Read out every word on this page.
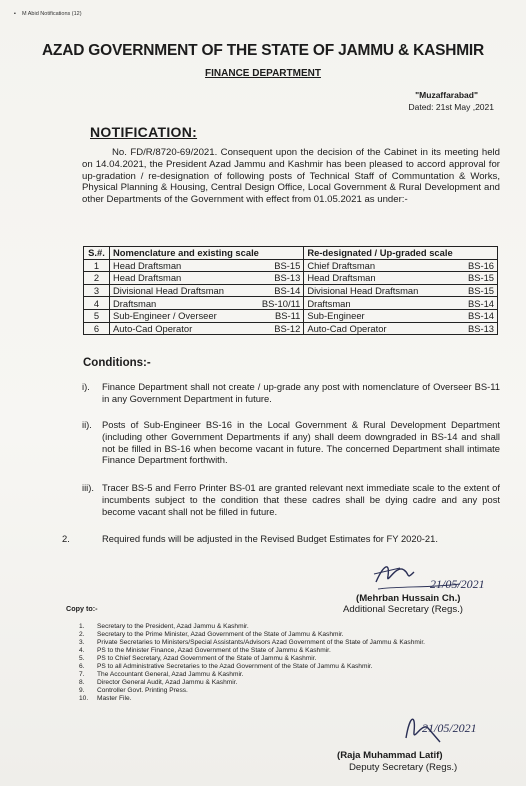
▪ M Abid Notifications (12)
AZAD GOVERNMENT OF THE STATE OF JAMMU & KASHMIR
FINANCE DEPARTMENT
"Muzaffarabad"
Dated: 21st May ,2021
NOTIFICATION:
No. FD/R/8720-69/2021. Consequent upon the decision of the Cabinet in its meeting held on 14.04.2021, the President Azad Jammu and Kashmir has been pleased to accord approval for up-gradation / re-designation of following posts of Technical Staff of Communtation & Works, Physical Planning & Housing, Central Design Office, Local Government & Rural Development and other Departments of the Government with effect from 01.05.2021 as under:-
S.#.	Nomenclature and existing scale	Re-designated / Up-graded scale
1	Head Draftsman BS-15	Chief Draftsman BS-16

2	Head Draftsman BS-13	Head Draftsman BS-15

3	Divisional Head Draftsman BS-14	Divisional Head Draftsman BS-15

4	Draftsman BS-10/11	Draftsman BS-14

5	Sub-Engineer / Overseer BS-11	Sub-Engineer BS-14

6	Auto-Cad Operator BS-12	Auto-Cad Operator BS-13
Conditions:-
i). Finance Department shall not create / up-grade any post with nomenclature of Overseer BS-11 in any Government Department in future.
ii). Posts of Sub-Engineer BS-16 in the Local Government & Rural Development Department (including other Government Departments if any) shall deem downgraded in BS-14 and shall not be filled in BS-16 when become vacant in future. The concerned Department shall intimate Finance Department forthwith.
iii). Tracer BS-5 and Ferro Printer BS-01 are granted relevant next immediate scale to the extent of incumbents subject to the condition that these cadres shall be dying cadre and any post become vacant shall not be filled in future.
2.	Required funds will be adjusted in the Revised Budget Estimates for FY 2020-21.
21/05/2021
(Mehrban Hussain Ch.)
Additional Secretary (Regs.)
Copy to:-
1. Secretary to the President, Azad Jammu & Kashmir.
2. Secretary to the Prime Minister, Azad Government of the State of Jammu & Kashmir.
3. Private Secretaries to Ministers/Special Assistants/Advisors Azad Government of the State of Jammu & Kashmir.
4. PS to the Minister Finance, Azad Government of the State of Jammu & Kashmir.
5. PS to Chief Secretary, Azad Government of the State of Jammu & Kashmir.
6. PS to all Administrative Secretaries to the Azad Government of the State of Jammu & Kashmir.
7. The Accountant General, Azad Jammu & Kashmir.
8. Director General Audit, Azad Jammu & Kashmir.
9. Controller Govt. Printing Press.
10. Master File.
21/05/2021
(Raja Muhammad Latif)
Deputy Secretary (Regs.)
